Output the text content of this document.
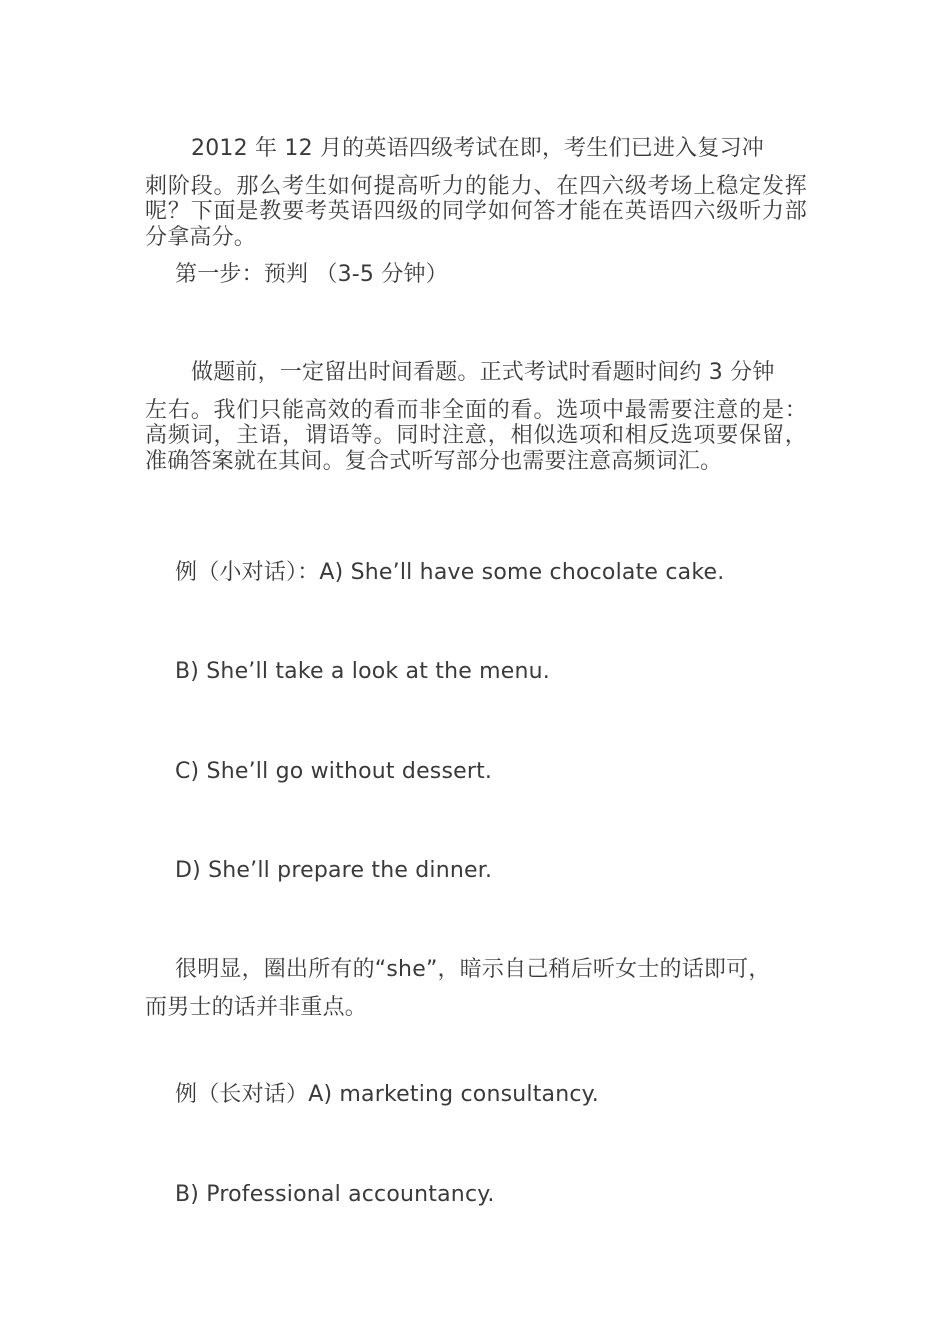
2012 年 12 月的英语四级考试在即，考生们已进入复习冲
刺阶段。那么考生如何提高听力的能力、在四六级考场上稳定发挥呢？下面是教要考英语四级的同学如何答才能在英语四六级听力部分拿高分。

第一步：预判 （3-5 分钟）

做题前，一定留出时间看题。正式考试时看题时间约 3 分钟
左右。我们只能高效的看而非全面的看。选项中最需要注意的是：高频词，主语，谓语等。同时注意，相似选项和相反选项要保留，准确答案就在其间。复合式听写部分也需要注意高频词汇。

例（小对话）：A) She’ll have some chocolate cake.

B) She’ll take a look at the menu.

C) She’ll go without dessert.

D) She’ll prepare the dinner.

很明显，圈出所有的“she”，暗示自己稍后听女士的话即可，

而男士的话并非重点。

例（长对话）A) marketing consultancy.

B) Professional accountancy.
